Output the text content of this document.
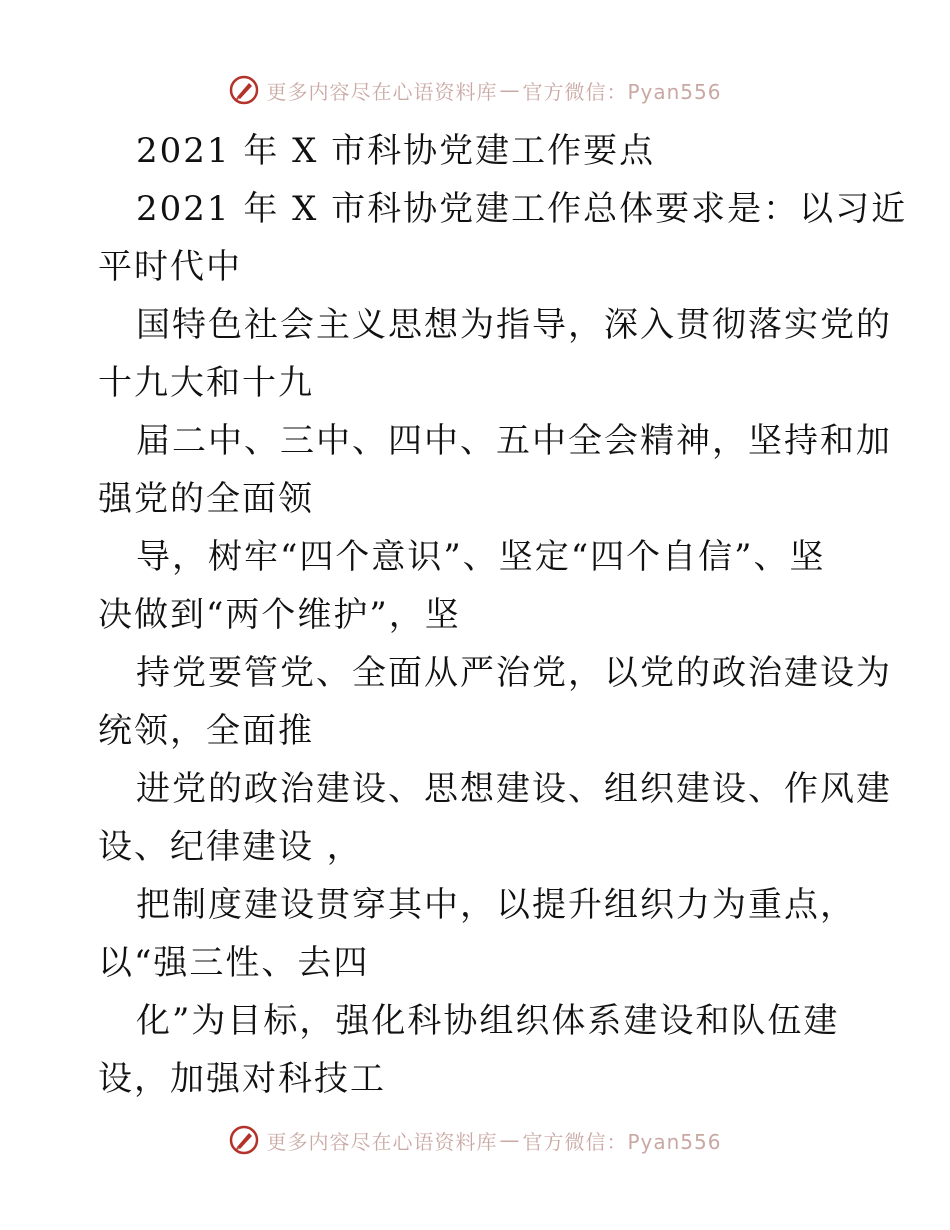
更多内容尽在心语资料库 — 官方微信：Pyan556
2021 年 X 市科协党建工作要点
2021 年 X 市科协党建工作总体要求是：以习近
平时代中
国特色社会主义思想为指导，深入贯彻落实党的
十九大和十九
届二中、三中、四中、五中全会精神，坚持和加
强党的全面领
导，树牢“四个意识”、坚定“四个自信”、坚
决做到“两个维护”，坚
持党要管党、全面从严治党，以党的政治建设为
统领，全面推
进党的政治建设、思想建设、组织建设、作风建
设、纪律建设 ，
把制度建设贯穿其中，以提升组织力为重点，
以“强三性、去四
化”为目标，强化科协组织体系建设和队伍建
设，加强对科技工
更多内容尽在心语资料库 — 官方微信：Pyan556
